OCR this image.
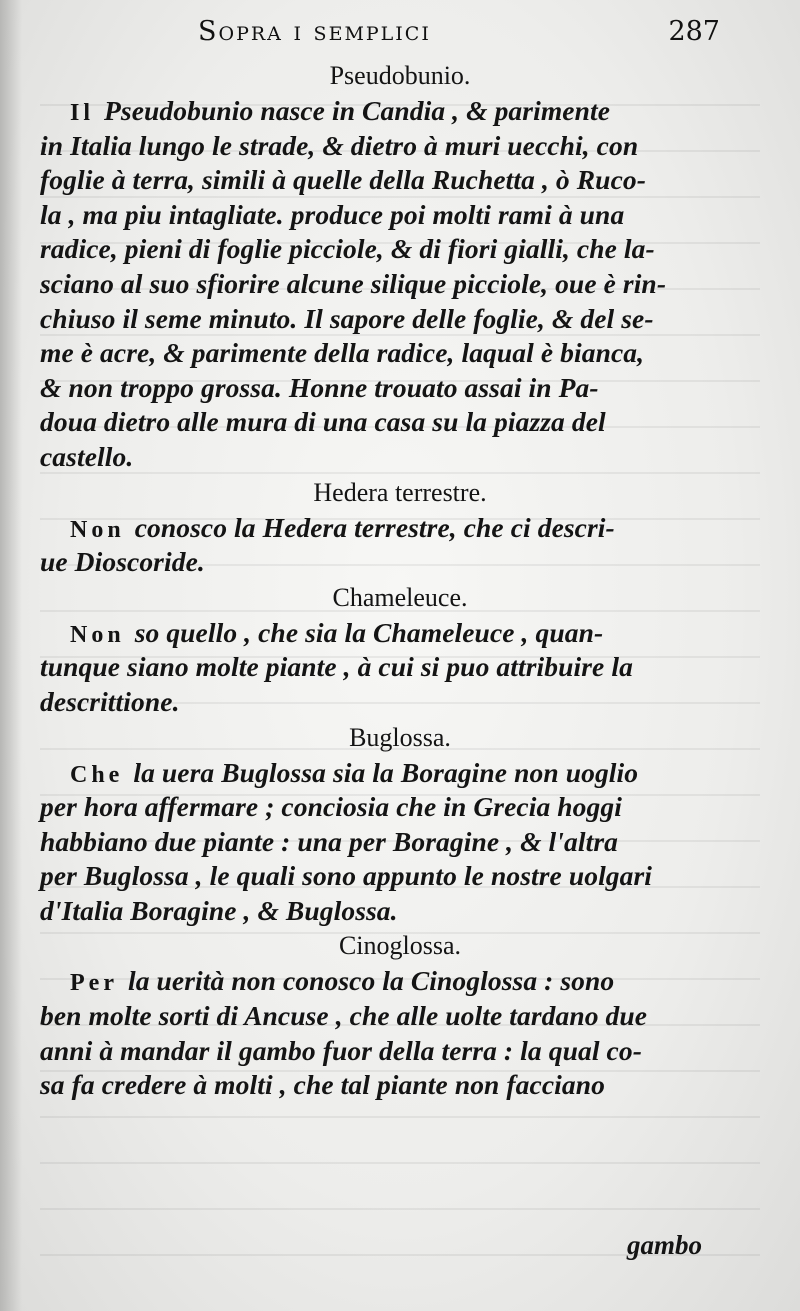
Sopra i semplici	287
Pseudobunio.
Il Pseudobunio nasce in Candia , & parimente
in Italia lungo le strade, & dietro à muri uecchi, con
foglie à terra, simili à quelle della Ruchetta , ò Ruco-
la , ma piu intagliate. produce poi molti rami à una
radice, pieni di foglie picciole, & di fiori gialli, che la-
sciano al suo sfiorire alcune silique picciole, oue è rin-
chiuso il seme minuto. Il sapore delle foglie, & del se-
me è acre, & parimente della radice, laqual è bianca,
& non troppo grossa. Honne trouato assai in Pa-
doua dietro alle mura di una casa su la piazza del
castello.
Hedera terrestre.
Non conosco la Hedera terrestre, che ci descri-
ue Dioscoride.
Chameleuce.
Non so quello , che sia la Chameleuce , quan-
tunque siano molte piante , à cui si puo attribuire la
descrittione.
Buglossa.
Che la uera Buglossa sia la Boragine non uoglio
per hora affermare ; conciosia che in Grecia hoggi
habbiano due piante : una per Boragine , & l'altra
per Buglossa , le quali sono appunto le nostre uolgari
d'Italia Boragine , & Buglossa.
Cinoglossa.
Per la uerità non conosco la Cinoglossa : sono
ben molte sorti di Ancuse , che alle uolte tardano due
anni à mandar il gambo fuor della terra : la qual co-
sa fa credere à molti , che tal piante non facciano
gambo
